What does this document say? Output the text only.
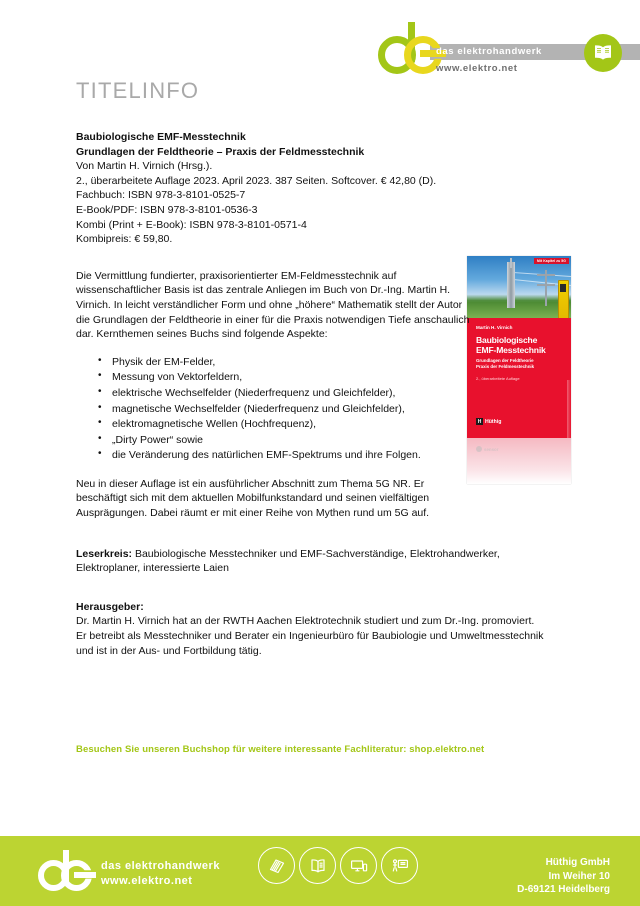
das elektrohandwerk
www.elektro.net
TITELINFO
Mit Kapitel zu 5G
Martin H. Virnich
Baubiologische
EMF-Messtechnik
Grundlagen der Feldtheorie
Praxis der Feldmesstechnik
2., überarbeitete Auflage
H Hüthig
sensor
Baubiologische EMF-Messtechnik
Grundlagen der Feldtheorie – Praxis der Feldmesstechnik
Von Martin H. Virnich (Hrsg.).
2., überarbeitete Auflage 2023. April 2023. 387 Seiten. Softcover. € 42,80 (D).
Fachbuch: ISBN 978-3-8101-0525-7
E-Book/PDF: ISBN 978-3-8101-0536-3
Kombi (Print + E-Book): ISBN 978-3-8101-0571-4
Kombipreis: € 59,80.

Die Vermittlung fundierter, praxisorientierter EM-Feldmesstechnik auf wissenschaftlicher Basis ist das zentrale Anliegen im Buch von Dr.-Ing. Martin H. Virnich. In leicht verständlicher Form und ohne „höhere“ Mathematik stellt der Autor die Grundlagen der Feldtheorie in einer für die Praxis notwendigen Tiefe anschaulich dar. Kernthemen seines Buchs sind folgende Aspekte:

• Physik der EM-Felder,
• Messung von Vektorfeldern,
• elektrische Wechselfelder (Niederfrequenz und Gleichfelder),
• magnetische Wechselfelder (Niederfrequenz und Gleichfelder),
• elektromagnetische Wellen (Hochfrequenz),
• „Dirty Power“ sowie
• die Veränderung des natürlichen EMF-Spektrums und ihre Folgen.

Neu in dieser Auflage ist ein ausführlicher Abschnitt zum Thema 5G NR. Er beschäftigt sich mit dem aktuellen Mobilfunkstandard und seinen vielfältigen Ausprägungen. Dabei räumt er mit einer Reihe von Mythen rund um 5G auf.

Leserkreis: Baubiologische Messtechniker und EMF-Sachverständige, Elektrohandwerker, Elektroplaner, interessierte Laien

Herausgeber:
Dr. Martin H. Virnich hat an der RWTH Aachen Elektrotechnik studiert und zum Dr.-Ing. promoviert. Er betreibt als Messtechniker und Berater ein Ingenieurbüro für Baubiologie und Umweltmesstechnik und ist in der Aus- und Fortbildung tätig.

Besuchen Sie unseren Buchshop für weitere interessante Fachliteratur: shop.elektro.net
das elektrohandwerk
www.elektro.net
Hüthig GmbH
Im Weiher 10
D-69121 Heidelberg
